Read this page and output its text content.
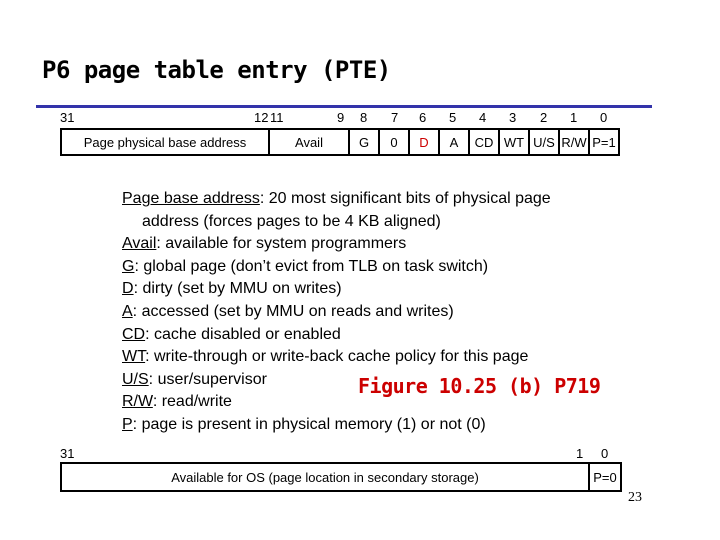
P6 page table entry (PTE)
31	12 11	9 8 7 6 5 4 3 2 1 0
Page physical base address	Avail	G	0	D	A	CD	WT	U/S	R/W	P=1
Page base address: 20 most significant bits of physical page
address (forces pages to be 4 KB aligned)
Avail: available for system programmers
G: global page (don’t evict from TLB on task switch)
D: dirty (set by MMU on writes)
A: accessed (set by MMU on reads and writes)
CD: cache disabled or enabled
WT: write-through or write-back cache policy for this page
U/S: user/supervisor
R/W: read/write
P: page is present in physical memory (1) or not (0)
Figure 10.25 (b) P719
31	1 0
Available for OS (page location in secondary storage)	P=0
23
